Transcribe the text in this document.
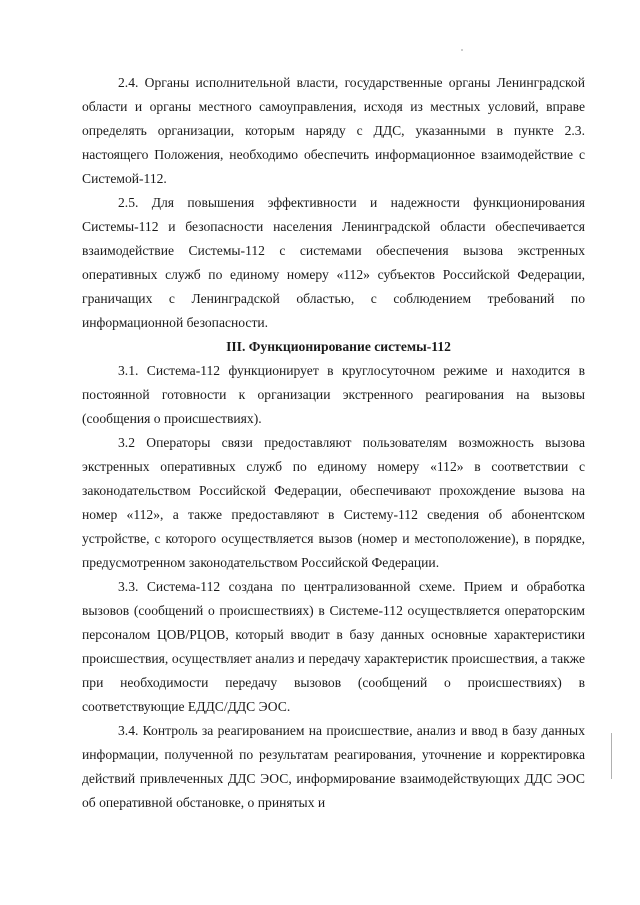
2.4. Органы исполнительной власти, государственные органы Ленинградской области и органы местного самоуправления, исходя из местных условий, вправе определять организации, которым наряду с ДДС, указанными в пункте 2.3. настоящего Положения, необходимо обеспечить информационное взаимодействие с Системой-112.

2.5. Для повышения эффективности и надежности функционирования Системы-112 и безопасности населения Ленинградской области обеспечивается взаимодействие Системы-112 с системами обеспечения вызова экстренных оперативных служб по единому номеру «112» субъектов Российской Федерации, граничащих с Ленинградской областью, с соблюдением требований по информационной безопасности.

III. Функционирование системы-112

3.1. Система-112 функционирует в круглосуточном режиме и находится в постоянной готовности к организации экстренного реагирования на вызовы (сообщения о происшествиях).

3.2 Операторы связи предоставляют пользователям возможность вызова экстренных оперативных служб по единому номеру «112» в соответствии с законодательством Российской Федерации, обеспечивают прохождение вызова на номер «112», а также предоставляют в Систему-112 сведения об абонентском устройстве, с которого осуществляется вызов (номер и местоположение), в порядке, предусмотренном законодательством Российской Федерации.

3.3. Система-112 создана по централизованной схеме. Прием и обработка вызовов (сообщений о происшествиях) в Системе-112 осуществляется операторским персоналом ЦОВ/РЦОВ, который вводит в базу данных основные характеристики происшествия, осуществляет анализ и передачу характеристик происшествия, а также при необходимости передачу вызовов (сообщений о происшествиях) в соответствующие ЕДДС/ДДС ЭОС.

3.4. Контроль за реагированием на происшествие, анализ и ввод в базу данных информации, полученной по результатам реагирования, уточнение и корректировка действий привлеченных ДДС ЭОС, информирование взаимодействующих ДДС ЭОС об оперативной обстановке, о принятых и
